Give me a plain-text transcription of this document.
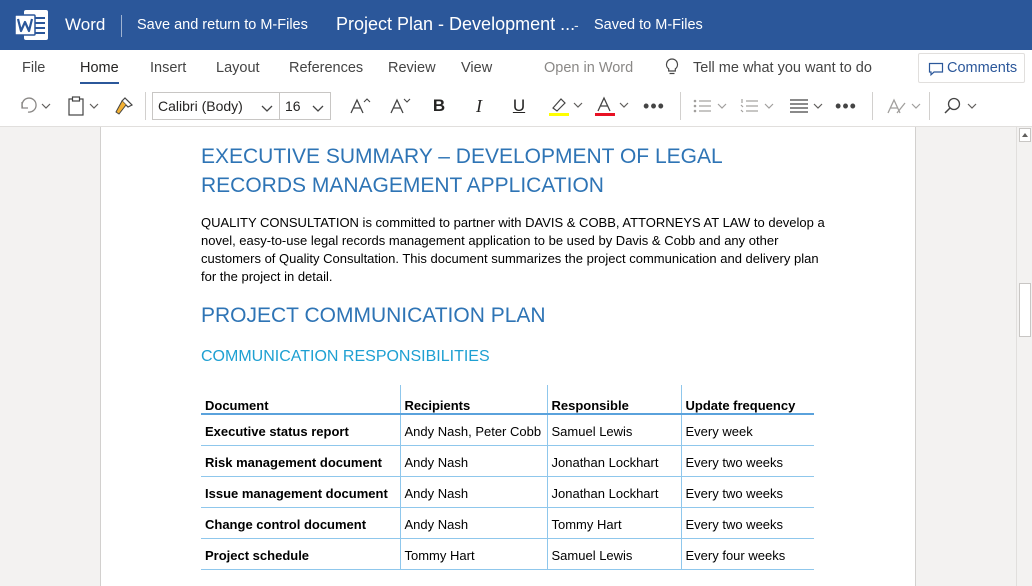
Word Save and return to M-Files Project Plan - Development ...
- Saved to M-Files
File Home Insert Layout References Review View	Open in Word	Tell me what you want to do	Comments
Calibri (Body)	16	B	I	U	•••	•••
EXECUTIVE SUMMARY – DEVELOPMENT OF LEGAL RECORDS MANAGEMENT APPLICATION
QUALITY CONSULTATION is committed to partner with DAVIS & COBB, ATTORNEYS AT LAW to develop a novel, easy-to-use legal records management application to be used by Davis & Cobb and any other customers of Quality Consultation. This document summarizes the project communication and delivery plan for the project in detail.
PROJECT COMMUNICATION PLAN
COMMUNICATION RESPONSIBILITIES
Document	Recipients	Responsible	Update frequency
Executive status report	Andy Nash, Peter Cobb	Samuel Lewis	Every week
Risk management document	Andy Nash	Jonathan Lockhart	Every two weeks
Issue management document	Andy Nash	Jonathan Lockhart	Every two weeks
Change control document	Andy Nash	Tommy Hart	Every two weeks
Project schedule	Tommy Hart	Samuel Lewis	Every four weeks
